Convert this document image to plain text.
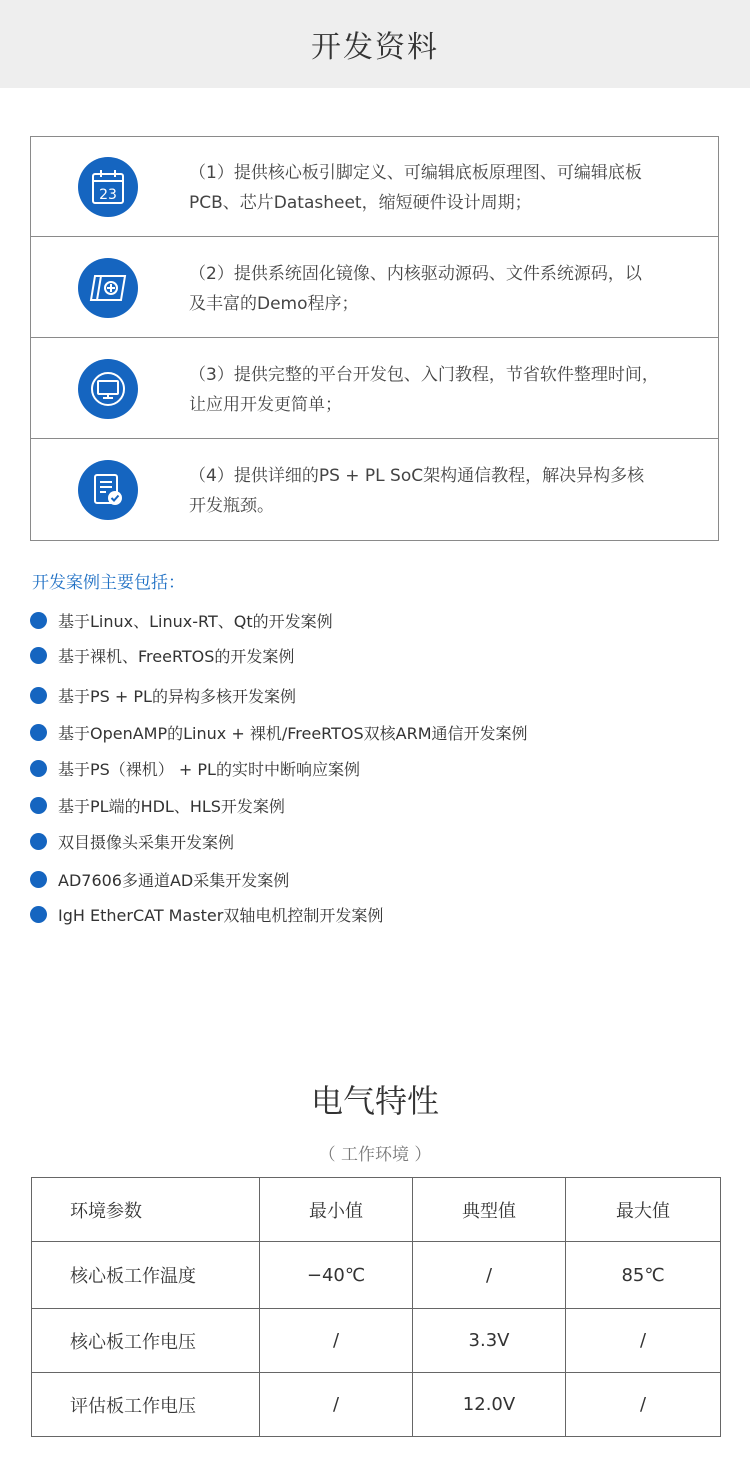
开发资料
23
（1）提供核心板引脚定义、可编辑底板原理图、可编辑底板
PCB、芯片Datasheet，缩短硬件设计周期；
（2）提供系统固化镜像、内核驱动源码、文件系统源码，以
及丰富的Demo程序；
（3）提供完整的平台开发包、入门教程，节省软件整理时间，
让应用开发更简单；
（4）提供详细的PS + PL SoC架构通信教程，解决异构多核
开发瓶颈。
开发案例主要包括：
基于Linux、Linux-RT、Qt的开发案例
基于裸机、FreeRTOS的开发案例
基于PS + PL的异构多核开发案例
基于OpenAMP的Linux + 裸机/FreeRTOS双核ARM通信开发案例
基于PS（裸机） + PL的实时中断响应案例
基于PL端的HDL、HLS开发案例
双目摄像头采集开发案例
AD7606多通道AD采集开发案例
IgH EtherCAT Master双轴电机控制开发案例
电气特性
（ 工作环境 ）
环境参数	最小值	典型值	最大值
核心板工作温度	−40℃	/	85℃
核心板工作电压	/	3.3V	/
评估板工作电压	/	12.0V	/
